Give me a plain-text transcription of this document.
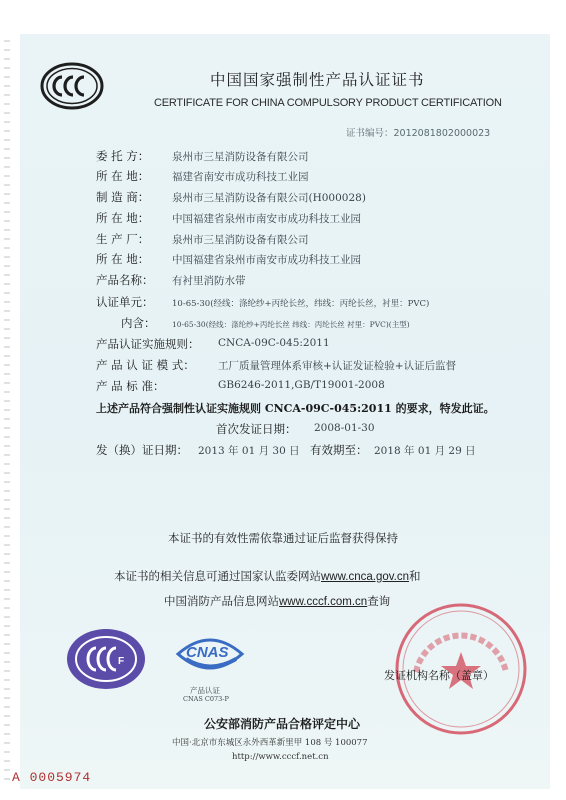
中国国家强制性产品认证证书
CERTIFICATE FOR CHINA COMPULSORY PRODUCT CERTIFICATION
证书编号：2012081802000023
委 托 方： 泉州市三星消防设备有限公司
所 在 地： 福建省南安市成功科技工业园
制 造 商： 泉州市三星消防设备有限公司(H000028)
所 在 地： 中国福建省泉州市南安市成功科技工业园
生 产 厂： 泉州市三星消防设备有限公司
所 在 地： 中国福建省泉州市南安市成功科技工业园
产品名称： 有衬里消防水带
认证单元： 10-65-30(经线：涤纶纱+丙纶长丝，纬线：丙纶长丝，衬里：PVC)
内含： 10-65-30(经线：涤纶纱+丙纶长丝 纬线：丙纶长丝 衬里：PVC)(主型)
产品认证实施规则： CNCA-09C-045:2011
产 品 认 证 模 式： 工厂质量管理体系审核+认证发证检验+认证后监督
产 品 标 准：	GB6246-2011,GB/T19001-2008
上述产品符合强制性认证实施规则 CNCA-09C-045:2011 的要求，特发此证。
首次发证日期： 2008-01-30
发（换）证日期： 2013 年 01 月 30 日 有效期至： 2018 年 01 月 29 日
本证书的有效性需依靠通过证后监督获得保持
本证书的相关信息可通过国家认监委网站www.cnca.gov.cn和
中国消防产品信息网站www.cccf.com.cn查询
F
CNAS
产品认证
CNAS C073-P
发证机构名称（盖章）
公安部消防产品合格评定中心
中国·北京市东城区永外西革新里甲 108 号 100077
http://www.cccf.net.cn
A 0005974
